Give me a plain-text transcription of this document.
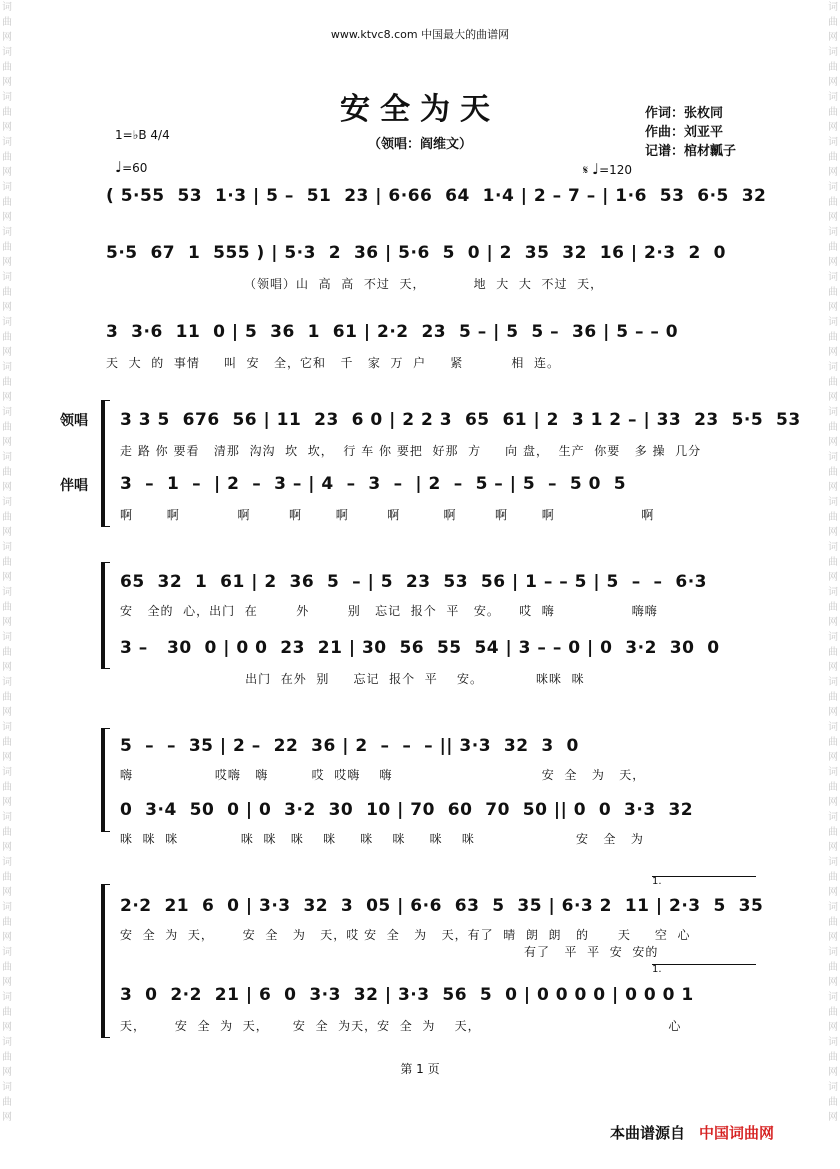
词曲网词曲网词曲网词曲网词曲网词曲网词曲网词曲网词曲网词曲网词曲网词曲网词曲网词曲网词曲网词曲网词曲网词曲网词曲网词曲网词曲网词曲网词曲网词曲网词曲网
词曲网词曲网词曲网词曲网词曲网词曲网词曲网词曲网词曲网词曲网词曲网词曲网词曲网词曲网词曲网词曲网词曲网词曲网词曲网词曲网词曲网词曲网词曲网词曲网词曲网
www.ktvc8.com 中国最大的曲谱网
安全为天
（领唱：阎维文）
作词：张枚同
作曲：刘亚平
记谱：棺材瓤子
1=♭B 4/4
♩=60	𝄋 ♩=120
( 5·55  53  1·3 | 5 –  51  23 | 6·66  64  1·4 | 2 – 7 – | 1·6  53  6·5  32
5·5  67  1  555 ) | 5·3  2  36 | 5·6  5  0 | 2  35  32  16 | 2·3  2  0
（领唱）山  高  高  不过  天，          地  大  大  不过  天，
3  3·6  11  0 | 5  36  1  61 | 2·2  23  5 – | 5  5 –  36 | 5 – – 0
天  大  的  事情     叫  安   全，它和   千   家  万  户     紧          相  连。
领唱
伴唱
3 3 5  676  56 | 11  23  6 0 | 2 2 3  65  61 | 2  3 1 2 – | 33  23  5·5  53
走 路 你 要看   清那  沟沟  坎  坎，  行 车 你 要把  好那  方     向 盘，  生产  你要   多 操  几分
3  –  1  –  | 2  –  3 – | 4  –  3  –  | 2  –  5 – | 5  –  5 0  5
啊       啊            啊        啊       啊        啊         啊        啊       啊                  啊
65  32  1  61 | 2  36  5  – | 5  23  53  56 | 1 – – 5 | 5  –  –  6·3
安   全的  心，出门  在        外        别   忘记  报个  平   安。    哎  嗨                嗨嗨
3 –   30  0 | 0 0  23  21 | 30  56  55  54 | 3 – – 0 | 0  3·2  30  0
出门  在外  别     忘记  报个  平    安。           咪咪  咪
5  –  –  35 | 2 –  22  36 | 2  –  –  – || 3·3  32  3  0
嗨                 哎嗨   嗨         哎  哎嗨    嗨                               安  全   为   天，
0  3·4  50  0 | 0  3·2  30  10 | 70  60  70  50 || 0  0  3·3  32
咪  咪  咪             咪  咪   咪    咪     咪    咪     咪    咪                     安   全   为
1.
1.
2·2  21  6  0 | 3·3  32  3  05 | 6·6  63  5  35 | 6·3 2  11 | 2·3  5  35
安  全  为  天，      安  全   为   天，哎 安  全   为   天，有了  晴  朗  朗   的      天     空  心
有了   平  平  安  安的
3  0  2·2  21 | 6  0  3·3  32 | 3·3  56  5  0 | 0 0 0 0 | 0 0 0 1
天，      安  全  为  天，     安  全  为天，安  全  为    天，                                       心
第 1 页
本曲谱源自 中国词曲网
